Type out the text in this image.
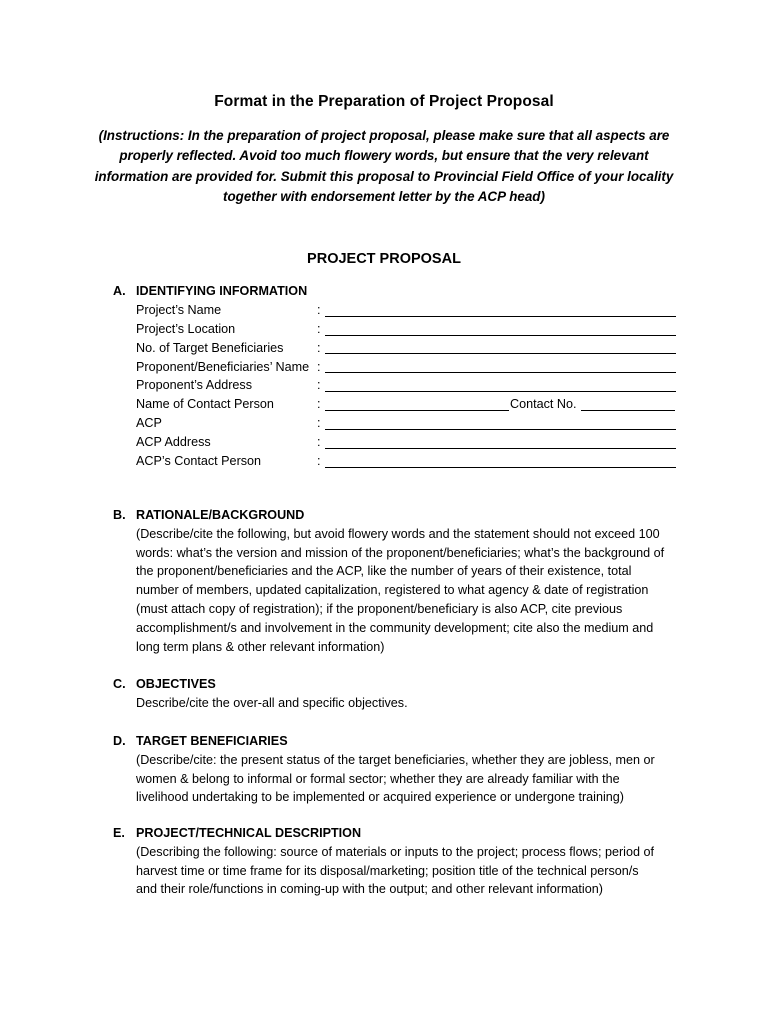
Format in the Preparation of Project Proposal
(Instructions: In the preparation of project proposal, please make sure that all aspects are properly reflected. Avoid too much flowery words, but ensure that the very relevant information are provided for. Submit this proposal to Provincial Field Office of your locality together with endorsement letter by the ACP head)
PROJECT PROPOSAL
A. IDENTIFYING INFORMATION
Project’s Name	:
Project’s Location	:
No. of Target Beneficiaries	:
Proponent/Beneficiaries’ Name :
Proponent’s Address	:
Name of Contact Person	:	Contact No.
ACP	:
ACP Address	:
ACP’s Contact Person	:
B. RATIONALE/BACKGROUND
(Describe/cite the following, but avoid flowery words and the statement should not exceed 100
words: what’s the version and mission of the proponent/beneficiaries; what’s the background of
the proponent/beneficiaries and the ACP, like the number of years of their existence, total
number of members, updated capitalization, registered to what agency & date of registration
(must attach copy of registration); if the proponent/beneficiary is also ACP, cite previous
accomplishment/s and involvement in the community development; cite also the medium and
long term plans & other relevant information)
C. OBJECTIVES
Describe/cite the over-all and specific objectives.
D. TARGET BENEFICIARIES
(Describe/cite: the present status of the target beneficiaries, whether they are jobless, men or
women & belong to informal or formal sector; whether they are already familiar with the
livelihood undertaking to be implemented or acquired experience or undergone training)
E. PROJECT/TECHNICAL DESCRIPTION
(Describing the following: source of materials or inputs to the project; process flows; period of
harvest time or time frame for its disposal/marketing; position title of the technical person/s
and their role/functions in coming-up with the output; and other relevant information)
